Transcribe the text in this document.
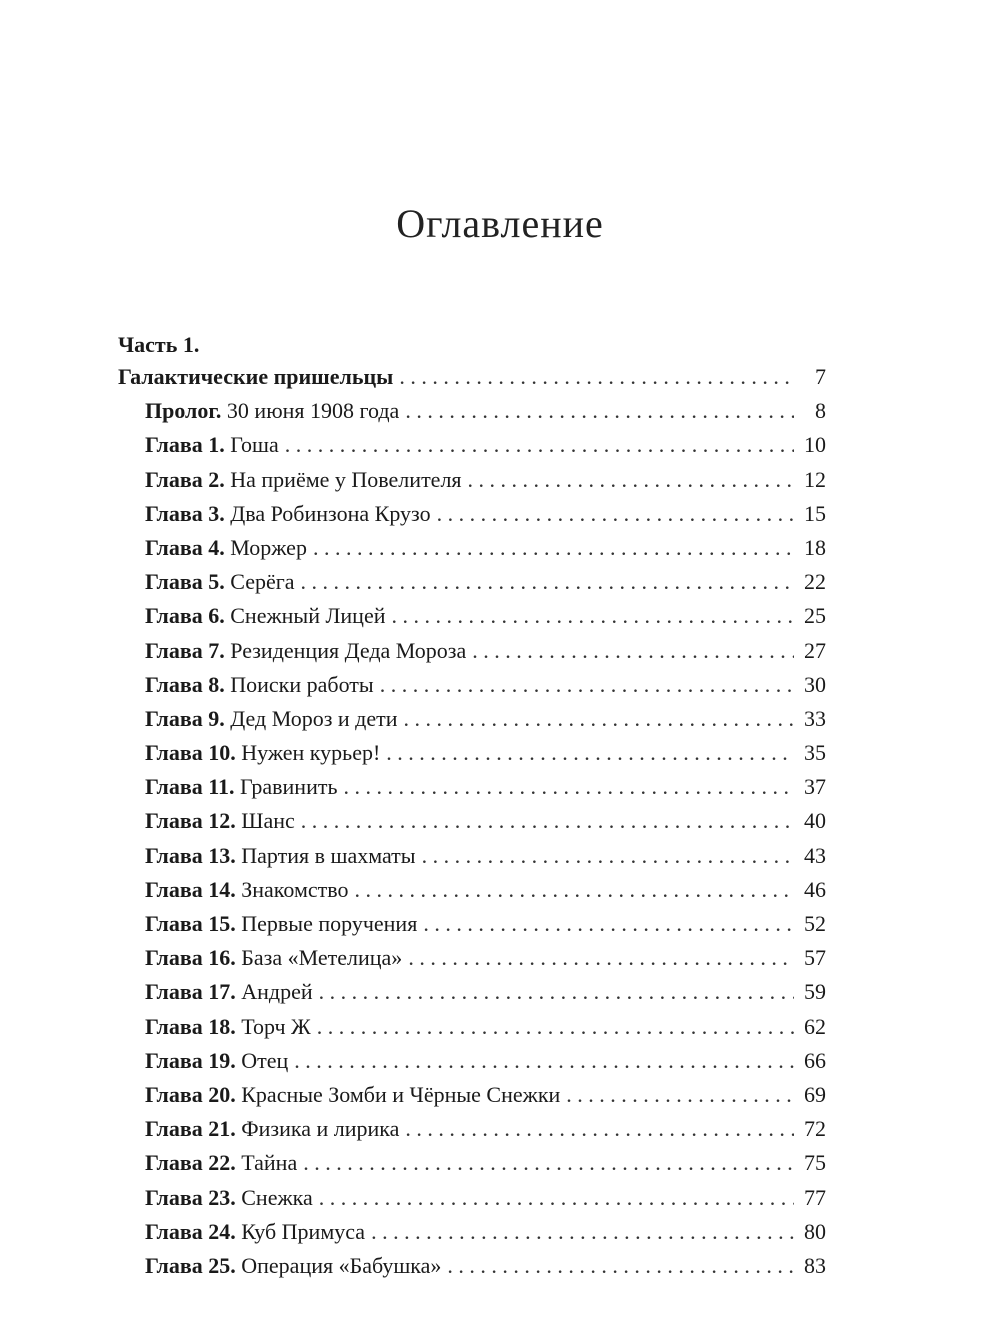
Оглавление
Часть 1.
Галактические пришельцы . . .	7
Пролог. 30 июня 1908 года . . .	8
Глава 1. Гоша . . .	10
Глава 2. На приёме у Повелителя . . .	12
Глава 3. Два Робинзона Крузо . . .	15
Глава 4. Моржер . . .	18
Глава 5. Серёга . . .	22
Глава 6. Снежный Лицей . . .	25
Глава 7. Резиденция Деда Мороза . . .	27
Глава 8. Поиски работы . . .	30
Глава 9. Дед Мороз и дети . . .	33
Глава 10. Нужен курьер! . . .	35
Глава 11. Гравинить . . .	37
Глава 12. Шанс . . .	40
Глава 13. Партия в шахматы . . .	43
Глава 14. Знакомство . . .	46
Глава 15. Первые поручения . . .	52
Глава 16. База «Метелица» . . .	57
Глава 17. Андрей . . .	59
Глава 18. Торч Ж . . .	62
Глава 19. Отец . . .	66
Глава 20. Красные Зомби и Чёрные Снежки . . .	69
Глава 21. Физика и лирика . . .	72
Глава 22. Тайна . . .	75
Глава 23. Снежка . . .	77
Глава 24. Куб Примуса . . .	80
Глава 25. Операция «Бабушка» . . .	83
